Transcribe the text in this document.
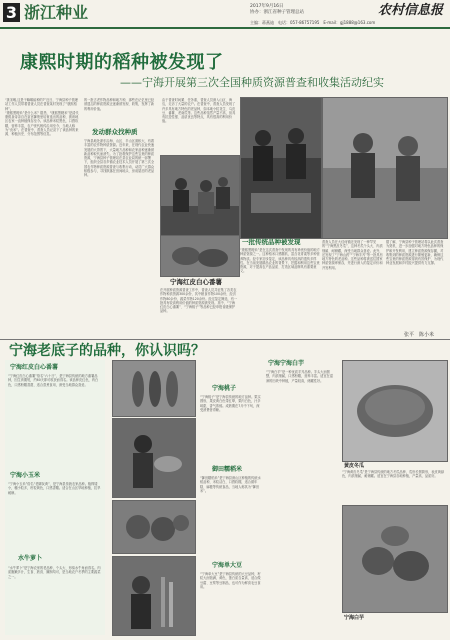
3 浙江种业	2017年9月16日
协办：浙江省种子管理总站	农村信息报
主编：蒋燕迪　电话：057-86757195　E-mail：gj1888@163.com
康熙时期的稻种被发现了
——宁海开展第三次全国种质资源普查和收集活动纪实
“挑宋畈,这是干嘛哪能种的?”近日，宁海县种子管理站工作人员带着普查人员在普查某村发现了“康熙稻种”。
“康熙黑粳米”是什么米？据悉，“康熙黑粳米”是清代康熙皇帝亲自在皇宫御苑里培育选出的品种，被该地区农家一直种植保存至今。该品种米粒黑色，口感软糯，营养丰富，农户世代相传沿用至今，当地人称为“贡米”。在普查中，普查人员记录下了该品种的来源、种植历史、分布范围等信息。
的一批古老作物品种和地方种，那些在记忆里已经被遗忘的种质资源正逐渐被发现、收集，发挥了新的利用价值。
发动群众找种质
宁海县地处浙东沿海，山区、半山区面积大，有着丰富的农作物种质资源。近年来，在现代农业快速发展的大背景下，大量地方品种和农家品种逐渐被新品种取代而消失。为了抢救保护这些宝贵的种质资源，宁海县种子管理站在县农业局的统一部署下，组织全县各乡镇农业技术人员开展了第三次全国农作物种质资源普查与收集行动，动员广大群众积极参与，寻找散落在田间地头、房前屋后的老品种。
由于普查时间紧、任务重，普查人员深入山区、海岛，走访了大量的农户。在普查中，普查人员发现了许多具有地方特色的老品种，如本地小粒花生、乌皮豆、番薯、老南瓜等。这些品种虽然产量不高，但具有抗逆性强、品质优良等特点，具有很高的利用价值。
宁海红皮白心番薯
一批传统品种被发现
在开展种质资源普查工作中，普查人员共征集了各类农作物种质资源300余份，其中粮食作物100余份，经济作物80余份，蔬菜作物120余份。经过鉴定筛选，有一批具有较高利用价值的种质资源被发现。其中，“宁海红皮白心番薯”、“宁海桃子”等品种已经申报省级保护品种。
“康熙黑粳米”是在这次普查中发现的具有珍贵价值的地方种质资源之一。这种稻米口感糯软，富含花青素等多种营养物质。经专家初步鉴定，该品种具有较高的遗传多样性。在当前发展精品农业的背景下，挖掘和利用这些宝贵资源，对于提高农产品品质、打造区域品牌具有重要意义。
普查人员在大佳何镇还发现了一种罕见的“宁海黑皮冬瓜”，这种冬瓜个头大、肉质细腻、耐储藏，深受当地群众喜爱。此外，还发现了“宁海山药”“宁海芋艿”等一批具有地方特色的老品种。这些品种将被送往国家种质资源库保存，并进行深入的鉴定评价和开发利用。
据了解，宁海县种子管理站将以此次普查为契机，进一步加强对地方特色品种的保护和开发利用，建立种质资源保存圃，对收集到的种质资源进行繁殖更新，确保这些宝贵的种质资源得到有效保护，为现代种业发展和乡村振兴提供有力支撑。
张平　陈小米
宁海老底子的品种，你认识吗？
宁海红皮白心番薯
“宁海红皮白心番薯”俗名“六十日”，是宁海县传统的地方番薯品种，因生育期短，约60天即可收获而得名。该品种皮红色，肉白色，口感粉糯香甜，适合蒸煮食用，深受当地群众喜爱。
宁海小玉米
“宁海小玉米”俗名“老脚灰黄”，是宁海县传统农家品种。植株矮小，穗小粒多，籽粒黄色，口感香糯。适合在山区旱地种植，抗旱耐瘠。
水牛萝卜
“水牛萝卜”是宁海农家的老品种，个头大、形似水牛角而得名。肉质脆嫩多汁，生食、熟食、腌制均可，是当地农户冬季的主要蔬菜之一。
宁海桃子
“宁海桃子”是宁海县传统的地方品种。果实圆形，果皮黄白色带红晕，果肉白色，汁多味甜，香气浓郁。成熟期在7月中下旬，深受消费者青睐。
御田糯稻米
“御田糯稻米”是宁海县深山区种植的传统水稻品种，米粒洁白，口感软糯，适合做年糕、麻糍等传统食品，当地人称其为“御田米”。
宁海单大豆
“宁海单大豆”是宁海县传统的大豆品种，籽粒大而饱满，黄色，蛋白质含量高，适合做豆腐、豆浆等豆制品，也可作为鲜食毛豆食用。
宁海宁海白芋
“宁海白芋”是一种优质芋艿品种。芋头大而圆整，肉质细腻，口感粉糯，营养丰富。适宜在湿润的田块中种植，产量较高，储藏性好。
黄皮冬瓜
“宁海黄皮冬瓜”是宁海县传统的地方冬瓜品种，瓜形长圆筒形，表皮黄绿色，肉质细腻，耐储藏。适宜在宁海县各地种植，产量高，品质好。
宁海白芋
